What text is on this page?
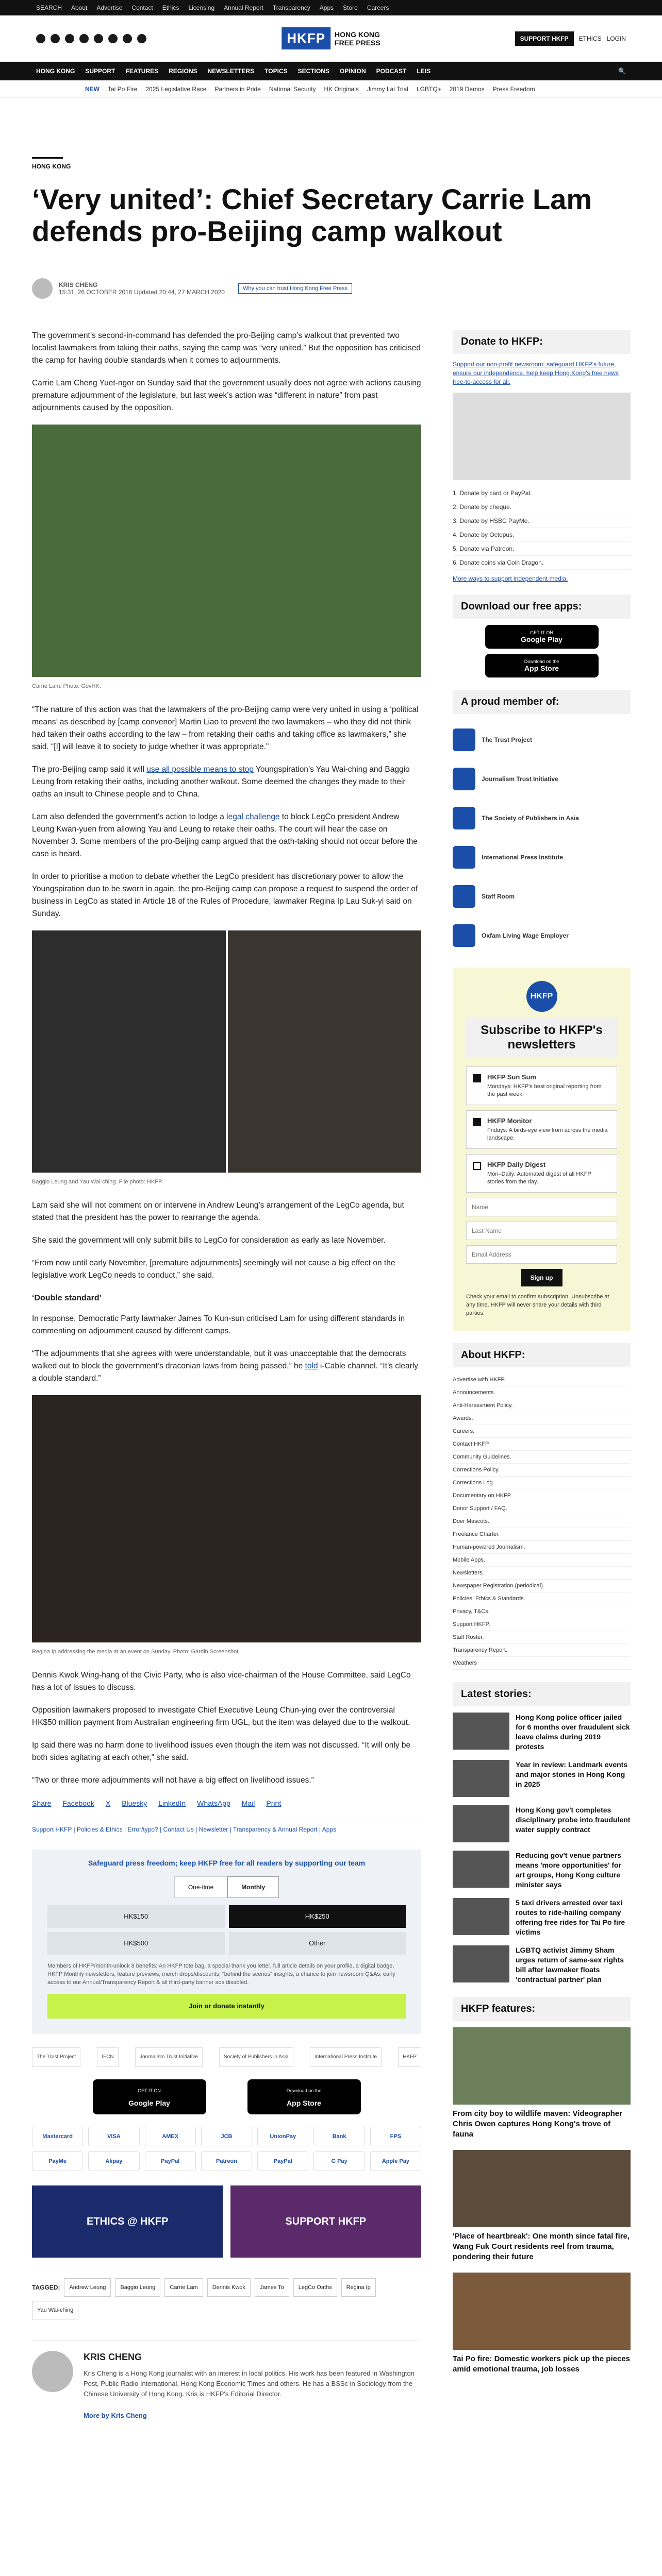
SEARCH About Advertise Contact Ethics Licensing Annual Report Transparency Apps Store Careers
HKFP	HONG KONG
FREE PRESS	SUPPORT HKFP	ETHICS LOGIN
HONG KONG SUPPORT FEATURES REGIONS NEWSLETTERS TOPICS SECTIONS OPINION PODCAST LEIS	🔍
NEW Tai Po Fire 2025 Legislative Race Partners in Pride National Security HK Originals Jimmy Lai Trial LGBTQ+ 2019 Demos Press Freedom
HONG KONG
‘Very united’: Chief Secretary Carrie Lam defends pro-Beijing camp walkout
KRIS CHENG
15:31, 26 OCTOBER 2016 Updated 20:44, 27 MARCH 2020	Why you can trust Hong Kong Free Press

The government’s second-in-command has defended the pro-Beijing camp’s walkout that prevented two localist lawmakers from taking their oaths, saying the camp was “very united.” But the opposition has criticised the camp for having double standards when it comes to adjournments.

Carrie Lam Cheng Yuet-ngor on Sunday said that the government usually does not agree with actions causing premature adjournment of the legislature, but last week’s action was “different in nature” from past adjournments caused by the opposition.

Carrie Lam. Photo: GovHK.

“The nature of this action was that the lawmakers of the pro-Beijing camp were very united in using a ‘political means’ as described by [camp convenor] Martin Liao to prevent the two lawmakers – who they did not think had taken their oaths according to the law – from retaking their oaths and taking office as lawmakers,” she said. “[I] will leave it to society to judge whether it was appropriate.”

The pro-Beijing camp said it will use all possible means to stop Youngspiration’s Yau Wai-ching and Baggio Leung from retaking their oaths, including another walkout. Some deemed the changes they made to their oaths an insult to Chinese people and to China.

Lam also defended the government’s action to lodge a legal challenge to block LegCo president Andrew Leung Kwan-yuen from allowing Yau and Leung to retake their oaths. The court will hear the case on November 3. Some members of the pro-Beijing camp argued that the oath-taking should not occur before the case is heard.

In order to prioritise a motion to debate whether the LegCo president has discretionary power to allow the Youngspiration duo to be sworn in again, the pro-Beijing camp can propose a request to suspend the order of business in LegCo as stated in Article 18 of the Rules of Procedure, lawmaker Regina Ip Lau Suk-yi said on Sunday.

Baggio Leung and Yau Wai-ching. File photo: HKFP.

Lam said she will not comment on or intervene in Andrew Leung’s arrangement of the LegCo agenda, but stated that the president has the power to rearrange the agenda.

She said the government will only submit bills to LegCo for consideration as early as late November.

“From now until early November, [premature adjournments] seemingly will not cause a big effect on the legislative work LegCo needs to conduct,” she said.

‘Double standard’

In response, Democratic Party lawmaker James To Kun-sun criticised Lam for using different standards in commenting on adjournment caused by different camps.

“The adjournments that she agrees with were understandable, but it was unacceptable that the democrats walked out to block the government’s draconian laws from being passed,” he told i-Cable channel. “It’s clearly a double standard.”

Regina Ip addressing the media at an event on Sunday. Photo: Gardin Screenshot.

Dennis Kwok Wing-hang of the Civic Party, who is also vice-chairman of the House Committee, said LegCo has a lot of issues to discuss.

Opposition lawmakers proposed to investigate Chief Executive Leung Chun-ying over the controversial HK$50 million payment from Australian engineering firm UGL, but the item was delayed due to the walkout.

Ip said there was no harm done to livelihood issues even though the item was not discussed. “It will only be both sides agitating at each other,” she said.

“Two or three more adjournments will not have a big effect on livelihood issues.”

Share Facebook X Bluesky LinkedIn WhatsApp Mail Print
Support HKFP | Policies & Ethics | Error/typo? | Contact Us | Newsletter | Transparency & Annual Report | Apps
Safeguard press freedom; keep HKFP free for all readers by supporting our team
One-time	Monthly
HK$150	HK$250
HK$500	Other
Members of HKFP/month-unlock 8 benefits: An HKFP tote bag, a special thank you letter, full article details on your profile, a digital badge, HKFP Monthly newsletters, feature previews, merch drops/discounts, “behind the scenes” insights, a chance to join newsroom Q&As, early access to our Annual/Transparency Report & all third-party banner ads disabled.
Join or donate instantly
The Trust Project	IFCN	Journalism Trust Initiative	Society of Publishers in Asia	International Press Institute	HKFP
GET IT ON
Google Play
Download on the
App Store
Mastercard	VISA	AMEX	JCB	UnionPay	Bank	FPS
PayMe	Alipay	PayPal	Patreon	PayPal	G Pay	Apple Pay
ETHICS @ HKFP	SUPPORT HKFP
TAGGED:	Andrew Leung	Baggio Leung	Carrie Lam	Dennis Kwok	James To	LegCo Oaths	Regina Ip
Yau Wai-ching
KRIS CHENG

Kris Cheng is a Hong Kong journalist with an interest in local politics. His work has been featured in Washington Post, Public Radio International, Hong Kong Economic Times and others. He has a BSSc in Sociology from the Chinese University of Hong Kong. Kris is HKFP's Editorial Director.

More by Kris Cheng
Donate to HKFP:

Support our non-profit newsroom: safeguard HKFP's future, ensure our independence, help keep Hong Kong's free news free-to-access for all.

1. Donate by card or PayPal.
2. Donate by cheque.
3. Donate by HSBC PayMe.
4. Donate by Octopus.
5. Donate via Patreon.
6. Donate coins via Coin Dragon.

More ways to support independent media.

Download our free apps:
GET IT ON
Google Play
Download on the
App Store
A proud member of:
The Trust Project
Journalism Trust Initiative
The Society of Publishers in Asia
International Press Institute
Staff Room
Oxfam Living Wage Employer
HKFP
Subscribe to HKFP's newsletters
HKFP Sun Sum
Mondays: HKFP's best original reporting from the past week.
HKFP Monitor
Fridays: A birds-eye view from across the media landscape.
HKFP Daily Digest
Mon–Daily: Automated digest of all HKFP stories from the day.
Name Last Name Email Address Sign up

Check your email to confirm subscription. Unsubscribe at any time. HKFP will never share your details with third parties.

About HKFP:
Advertise with HKFP.
Announcements.
Anti-Harassment Policy.
Awards.
Careers.
Contact HKFP.
Community Guidelines.
Corrections Policy.
Corrections Log.
Documentary on HKFP.
Donor Support / FAQ.
Doer Mascots.
Freelance Charter.
Human-powered Journalism.
Mobile Apps.
Newsletters.
Newspaper Registration (periodical).
Policies, Ethics & Standards.
Privacy, T&Cs.
Support HKFP.
Staff Roster.
Transparency Report.
Weathers
Latest stories:

Hong Kong police officer jailed for 6 months over fraudulent sick leave claims during 2019 protests

Year in review: Landmark events and major stories in Hong Kong in 2025

Hong Kong gov't completes disciplinary probe into fraudulent water supply contract

Reducing gov't venue partners means 'more opportunities' for art groups, Hong Kong culture minister says

5 taxi drivers arrested over taxi routes to ride-hailing company offering free rides for Tai Po fire victims

LGBTQ activist Jimmy Sham urges return of same-sex rights bill after lawmaker floats 'contractual partner' plan

HKFP features:

From city boy to wildlife maven: Videographer Chris Owen captures Hong Kong's trove of fauna

'Place of heartbreak': One month since fatal fire, Wang Fuk Court residents reel from trauma, pondering their future

Tai Po fire: Domestic workers pick up the pieces amid emotional trauma, job losses
